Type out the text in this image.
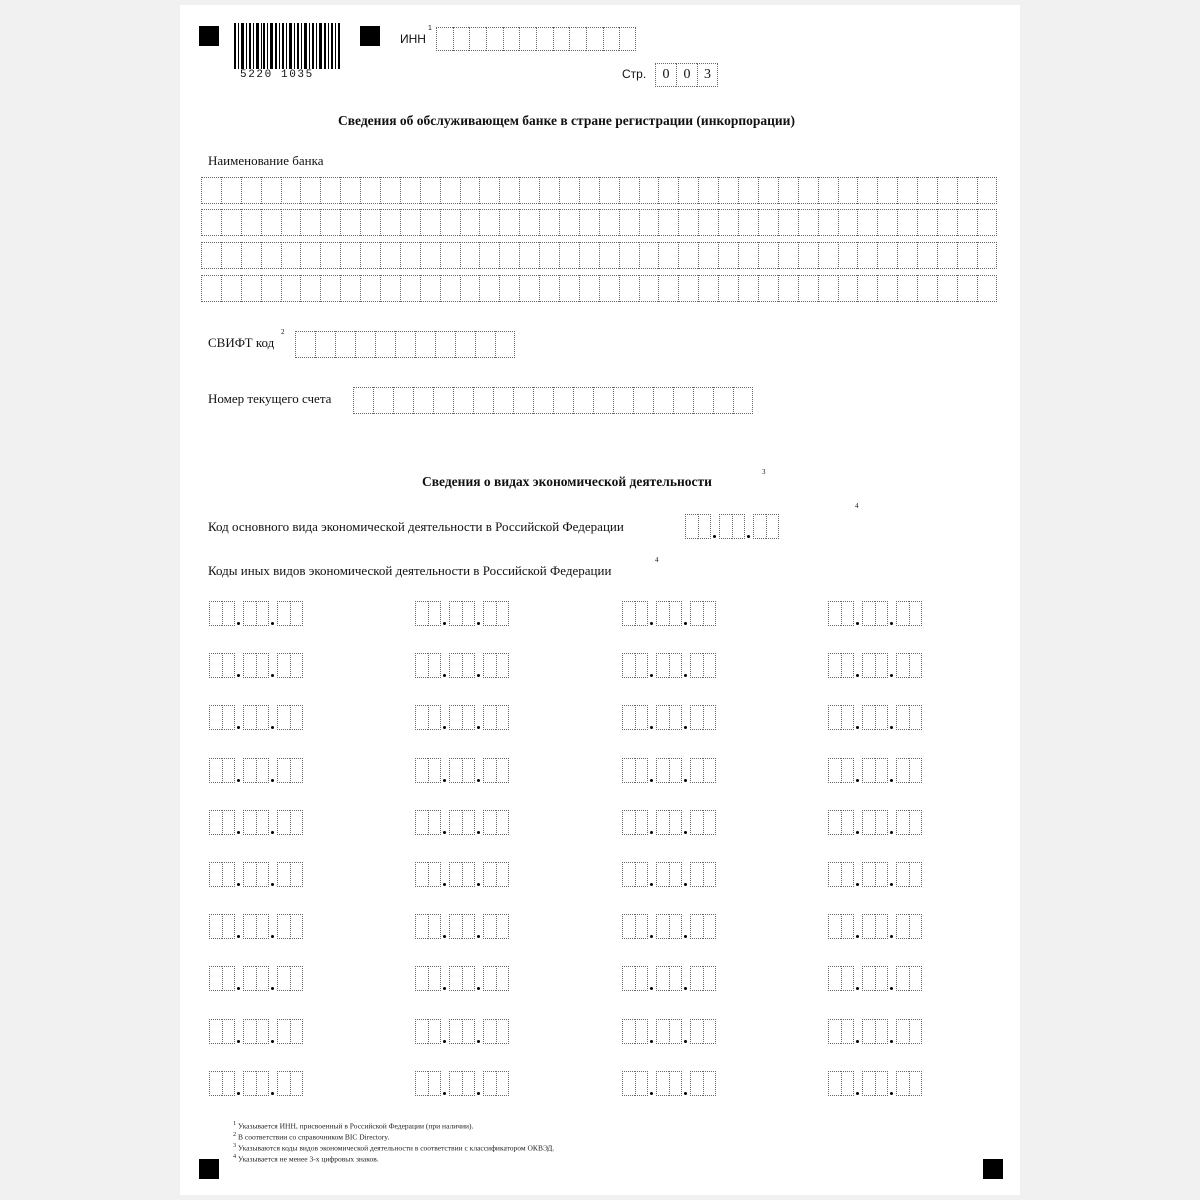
5220 1035
ИНН
1
Стр.	0	0 3
Сведения об обслуживающем банке в стране регистрации (инкорпорации)
Наименование банка
СВИФТ код
2
Номер текущего счета
Сведения о видах экономической деятельности
3
Код основного вида экономической деятельности в Российской Федерации
4
Коды иных видов экономической деятельности в Российской Федерации
4
$^1$ Указывается ИНН, присвоенный в Российской Федерации (при наличии).
$^2$ В соответствии со справочником BIC Directory.
$^3$ Указываются коды видов экономической деятельности в соответствии с классификатором ОКВЭД.
$^4$ Указывается не менее 3-х цифровых знаков.
